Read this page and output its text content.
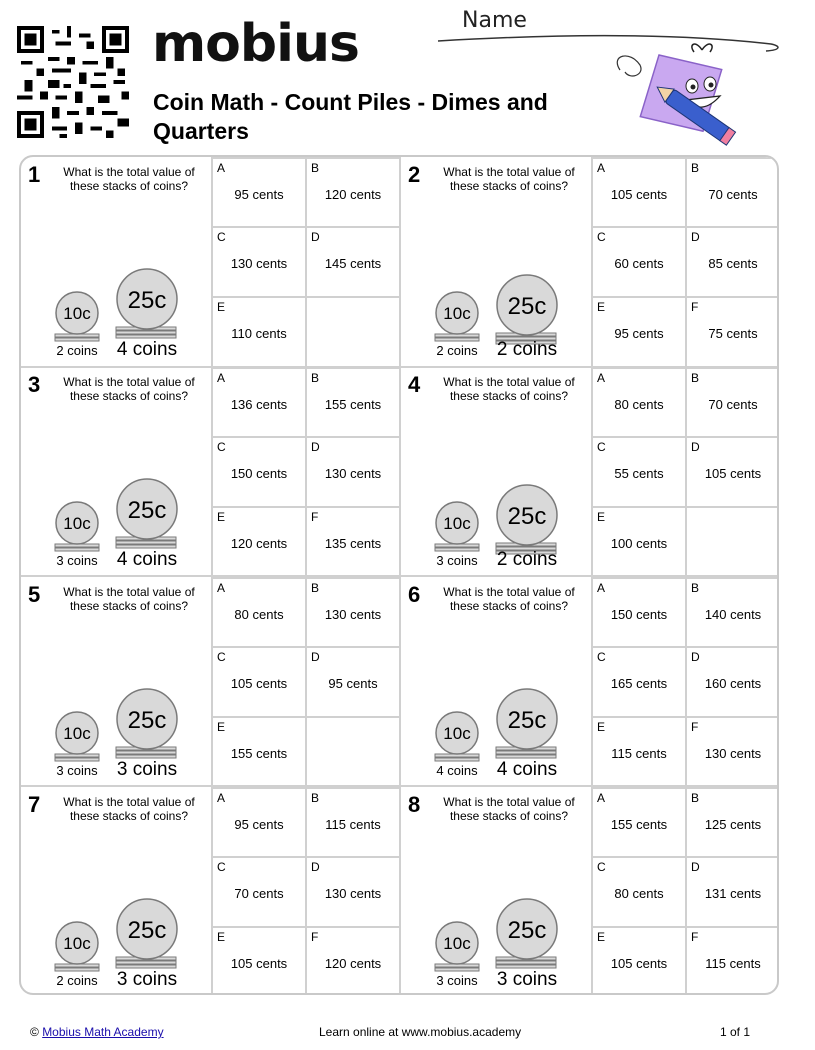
mobius
Coin Math - Count Piles - Dimes and Quarters
Name
1	What is the total value of these stacks of coins?
10c
2 coins
25c
4 coins
A
95 cents
B
120 cents
C
130 cents
D
145 cents
E
110 cents
2	What is the total value of these stacks of coins?
10c
2 coins
25c
2 coins
A
105 cents
B
70 cents
C
60 cents
D
85 cents
E
95 cents
F
75 cents
3	What is the total value of these stacks of coins?
10c
3 coins
25c
4 coins
A
136 cents
B
155 cents
C
150 cents
D
130 cents
E
120 cents
F
135 cents
4	What is the total value of these stacks of coins?
10c
3 coins
25c
2 coins
A
80 cents
B
70 cents
C
55 cents
D
105 cents
E
100 cents
5	What is the total value of these stacks of coins?
10c
3 coins
25c
3 coins
A
80 cents
B
130 cents
C
105 cents
D
95 cents
E
155 cents
6	What is the total value of these stacks of coins?
10c
4 coins
25c
4 coins
A
150 cents
B
140 cents
C
165 cents
D
160 cents
E
115 cents
F
130 cents
7	What is the total value of these stacks of coins?
10c
2 coins
25c
3 coins
A
95 cents
B
115 cents
C
70 cents
D
130 cents
E
105 cents
F
120 cents
8	What is the total value of these stacks of coins?
10c
3 coins
25c
3 coins
A
155 cents
B
125 cents
C
80 cents
D
131 cents
E
105 cents
F
115 cents
© Mobius Math Academy	Learn online at www.mobius.academy	1 of 1
